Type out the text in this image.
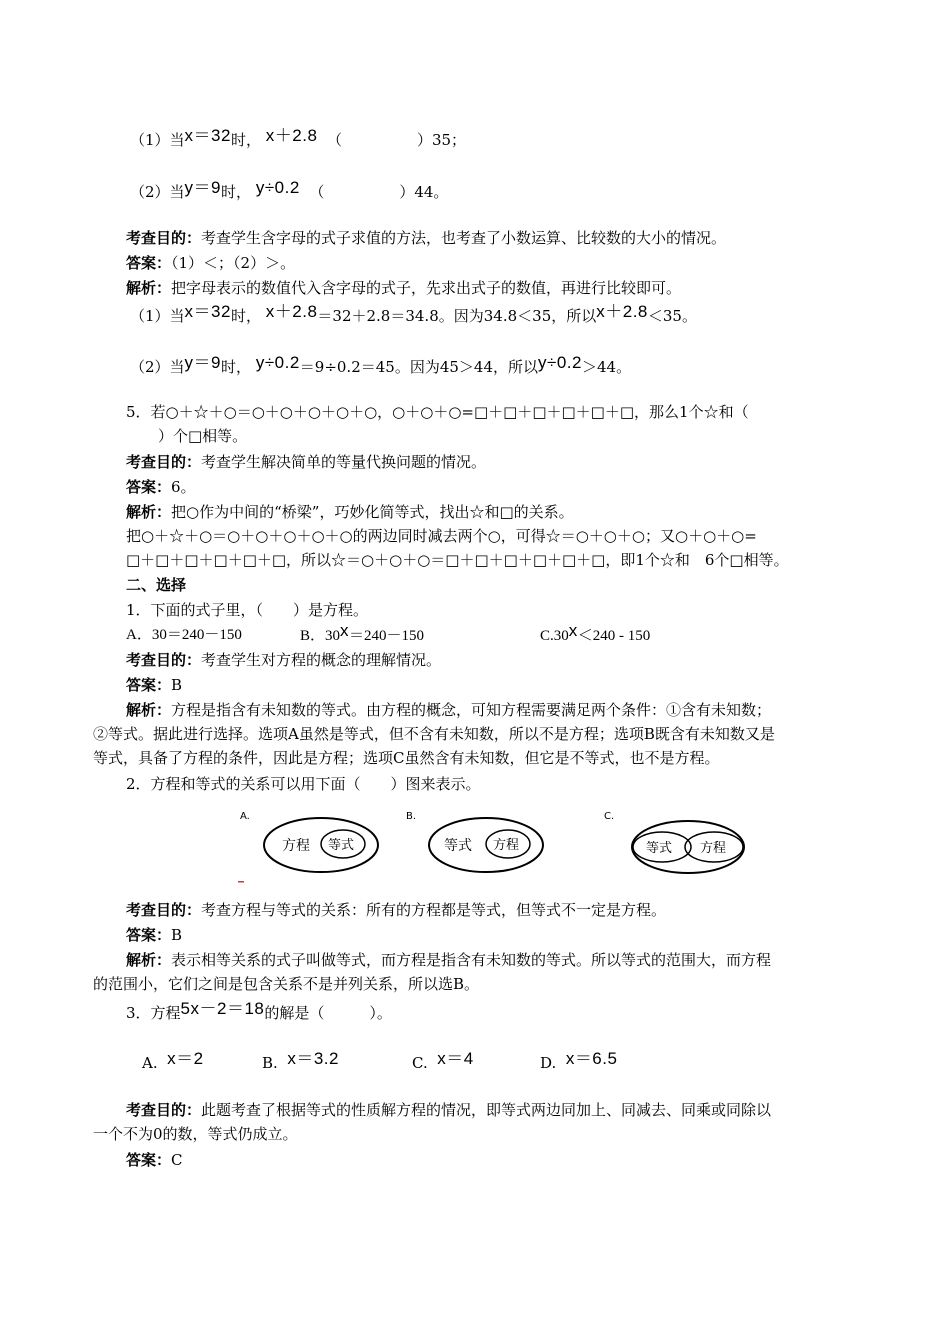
（1）当x＝32时， x＋2.8 （　　　　　）35；
（2）当y＝9时， y÷0.2 （　　　　　）44。
考查目的：考查学生含字母的式子求值的方法，也考查了小数运算、比较数的大小的情况。
答案：（1）＜；（2）＞。
解析：把字母表示的数值代入含字母的式子，先求出式子的数值，再进行比较即可。
（1）当x＝32时， x＋2.8＝32＋2.8＝34.8。因为34.8＜35，所以x＋2.8＜35。
（2）当y＝9时， y÷0.2＝9÷0.2＝45。因为45＞44，所以y÷0.2＞44。
5．若○＋☆＋○＝○＋○＋○＋○＋○，○＋○＋○=□＋□＋□＋□＋□＋□，那么1个☆和（
）个□相等。
考查目的：考查学生解决简单的等量代换问题的情况。
答案：6。
解析：把○作为中间的“桥梁”，巧妙化简等式，找出☆和□的关系。
把○＋☆＋○＝○＋○＋○＋○＋○的两边同时减去两个○，可得☆＝○＋○＋○；又○＋○＋○=
□＋□＋□＋□＋□＋□，所以☆＝○＋○＋○＝□＋□＋□＋□＋□＋□，即1个☆和　6个□相等。
二、选择
1．下面的式子里，（　　）是方程。
A．30＝240－150	B．30x＝240－150	C.30x＜240 - 150
考查目的：考查学生对方程的概念的理解情况。
答案：B
解析：方程是指含有未知数的等式。由方程的概念，可知方程需要满足两个条件：①含有未知数；
②等式。据此进行选择。选项A虽然是等式，但不含有未知数，所以不是方程；选项B既含有未知数又是
等式，具备了方程的条件，因此是方程；选项C虽然含有未知数，但它是不等式，也不是方程。
2．方程和等式的关系可以用下面（　　）图来表示。
A.
方程 等式
B.
等式 方程
C.
等式 方程
考查目的：考查方程与等式的关系：所有的方程都是等式，但等式不一定是方程。
答案：B
解析：表示相等关系的式子叫做等式，而方程是指含有未知数的等式。所以等式的范围大，而方程
的范围小，它们之间是包含关系不是并列关系，所以选B。
3．方程5x－2＝18的解是（　　　）。
A. x＝2	B. x＝3.2	C. x＝4	D. x＝6.5
考查目的：此题考查了根据等式的性质解方程的情况，即等式两边同加上、同减去、同乘或同除以
一个不为0的数，等式仍成立。
答案：C
